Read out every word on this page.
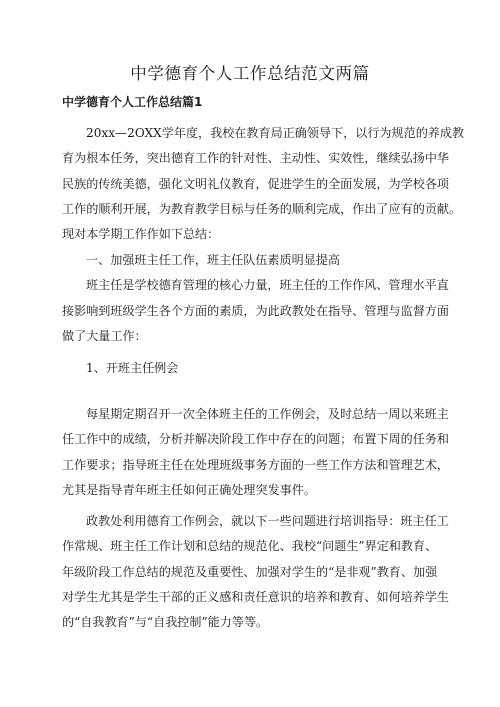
中学德育个人工作总结范文两篇
中学德育个人工作总结篇1
20xx—2OXX学年度，我校在教育局正确领导下，以行为规范的养成教
育为根本任务，突出德育工作的针对性、主动性、实效性，继续弘扬中华
民族的传统美德，强化文明礼仪教育，促进学生的全面发展，为学校各项
工作的顺利开展，为教育教学目标与任务的顺利完成，作出了应有的贡献。
现对本学期工作作如下总结：
一、加强班主任工作，班主任队伍素质明显提高
班主任是学校德育管理的核心力量，班主任的工作作风、管理水平直
接影响到班级学生各个方面的素质，为此政教处在指导、管理与监督方面
做了大量工作：
1、开班主任例会
每星期定期召开一次全体班主任的工作例会，及时总结一周以来班主
任工作中的成绩，分析并解决阶段工作中存在的问题；布置下周的任务和
工作要求；指导班主任在处理班级事务方面的一些工作方法和管理艺术，
尤其是指导青年班主任如何正确处理突发事件。
政教处利用德育工作例会，就以下一些问题进行培训指导：班主任工
作常规、班主任工作计划和总结的规范化、我校“问题生”界定和教育、
年级阶段工作总结的规范及重要性、加强对学生的“是非观”教育、加强
对学生尤其是学生干部的正义感和责任意识的培养和教育、如何培养学生
的“自我教育”与“自我控制”能力等等。
